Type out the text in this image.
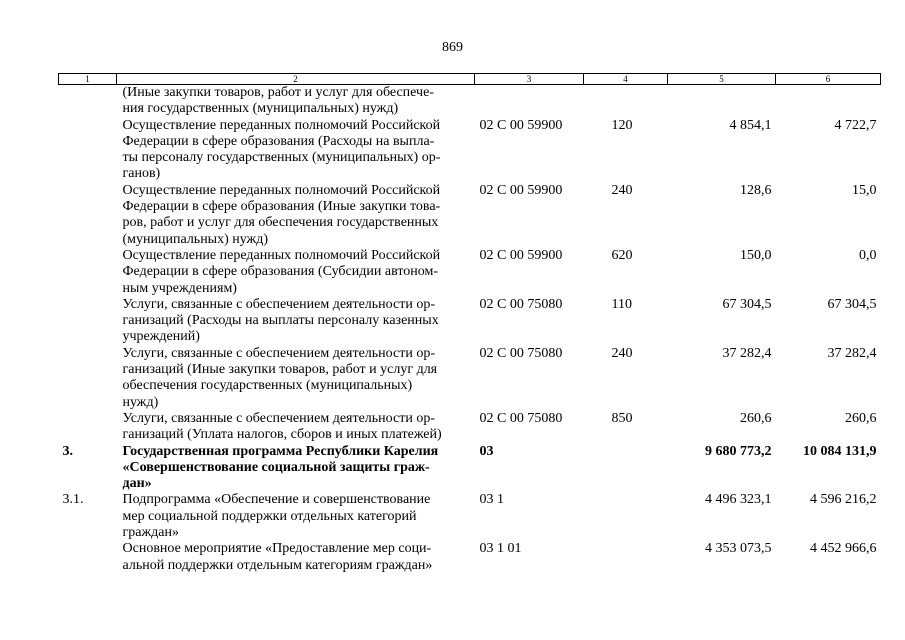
869
1	2	3	4	5	6
	(Иные закупки товаров, работ и услуг для обеспече-
ния государственных (муниципальных) нужд)				
	Осуществление переданных полномочий Российской
Федерации в сфере образования (Расходы на выпла-
ты персоналу государственных (муниципальных) ор-
ганов)	02 С 00 59900	120	4 854,1	4 722,7
	Осуществление переданных полномочий Российской
Федерации в сфере образования (Иные закупки това-
ров, работ и услуг для обеспечения государственных
(муниципальных) нужд)	02 С 00 59900	240	128,6	15,0
	Осуществление переданных полномочий Российской
Федерации в сфере образования (Субсидии автоном-
ным учреждениям)	02 С 00 59900	620	150,0	0,0
	Услуги, связанные с обеспечением деятельности ор-
ганизаций (Расходы на выплаты персоналу казенных
учреждений)	02 С 00 75080	110	67 304,5	67 304,5
	Услуги, связанные с обеспечением деятельности ор-
ганизаций (Иные закупки товаров, работ и услуг для
обеспечения государственных (муниципальных)
нужд)	02 С 00 75080	240	37 282,4	37 282,4
	Услуги, связанные с обеспечением деятельности ор-
ганизаций (Уплата налогов, сборов и иных платежей)	02 С 00 75080	850	260,6	260,6
3.	Государственная программа Республики Карелия
«Совершенствование социальной защиты граж-
дан»	03		9 680 773,2	10 084 131,9
3.1.	Подпрограмма «Обеспечение и совершенствование
мер социальной поддержки отдельных категорий
граждан»	03 1		4 496 323,1	4 596 216,2
	Основное мероприятие «Предоставление мер соци-
альной поддержки отдельным категориям граждан»	03 1 01		4 353 073,5	4 452 966,6
